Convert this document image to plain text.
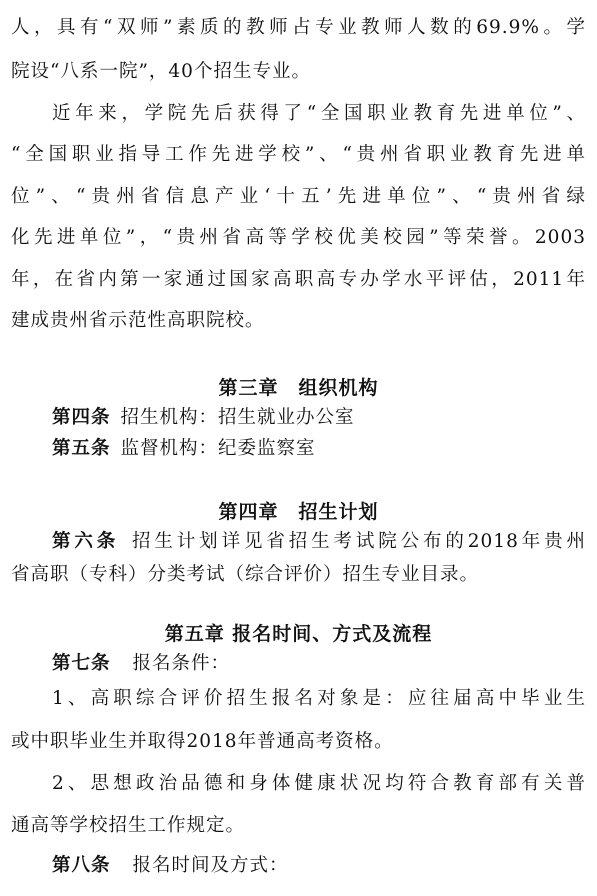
人，具有“双师”素质的教师占专业教师人数的69.9%。学
院设“八系一院”，40个招生专业。
近年来，学院先后获得了“全国职业教育先进单位”、
“全国职业指导工作先进学校”、“贵州省职业教育先进单
位”、“贵州省信息产业‘十五’先进单位”、“贵州省绿
化先进单位”，“贵州省高等学校优美校园”等荣誉。2003
年，在省内第一家通过国家高职高专办学水平评估，2011年
建成贵州省示范性高职院校。
第三章　组织机构
第四条 招生机构：招生就业办公室
第五条 监督机构：纪委监察室
第四章　招生计划
第六条 招生计划详见省招生考试院公布的2018年贵州
省高职（专科）分类考试（综合评价）招生专业目录。
第五章 报名时间、方式及流程
第七条 报名条件：
1、高职综合评价招生报名对象是：应往届高中毕业生
或中职毕业生并取得2018年普通高考资格。
2、思想政治品德和身体健康状况均符合教育部有关普
通高等学校招生工作规定。
第八条 报名时间及方式：
